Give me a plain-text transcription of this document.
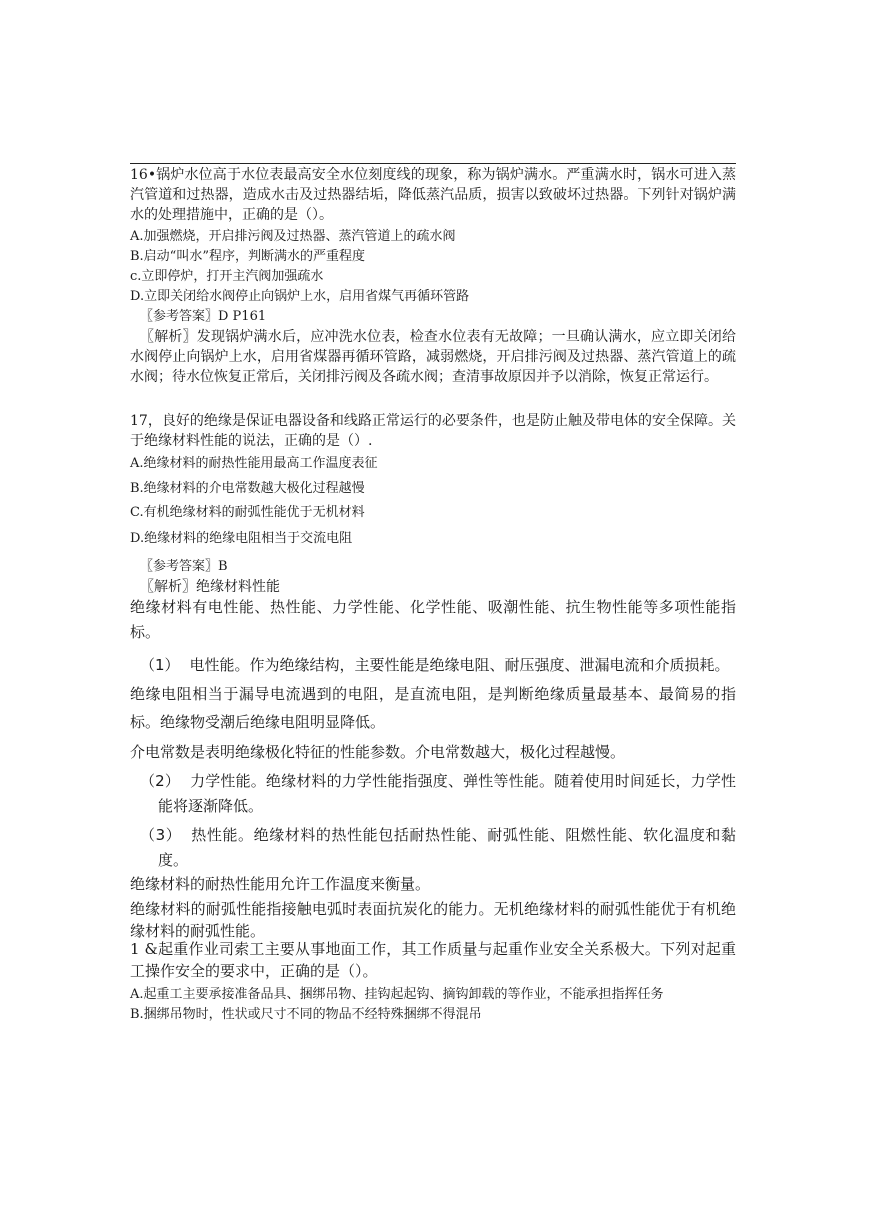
16•锅炉水位高于水位表最高安全水位刻度线的现象，称为锅炉满水。严重满水时，锅水可进入蒸汽管道和过热器，造成水击及过热器结垢，降低蒸汽品质，损害以致破坏过热器。下列针对锅炉满水的处理措施中，正确的是（）。

A.加强燃烧，开启排污阀及过热器、蒸汽管道上的疏水阀

B.启动“叫水”程序，判断满水的严重程度

c.立即停炉，打开主汽阀加强疏水

D.立即关闭给水阀停止向锅炉上水，启用省煤气再循环管路

〖参考答案〗D P161

〖解析〗发现锅炉满水后，应冲洗水位表，检查水位表有无故障；一旦确认满水，应立即关闭给水阀停止向锅炉上水，启用省煤器再循环管路，减弱燃烧，开启排污阀及过热器、蒸汽管道上的疏水阀；待水位恢复正常后，关闭排污阀及各疏水阀；查清事故原因并予以消除，恢复正常运行。

17，良好的绝缘是保证电器设备和线路正常运行的必要条件，也是防止触及带电体的安全保障。关于绝缘材料性能的说法，正确的是（）.

A.绝缘材料的耐热性能用最高工作温度表征

B.绝缘材料的介电常数越大极化过程越慢

C.有机绝缘材料的耐弧性能优于无机材料

D.绝缘材料的绝缘电阻相当于交流电阻

〖参考答案〗B

〖解析〗绝缘材料性能

绝缘材料有电性能、热性能、力学性能、化学性能、吸潮性能、抗生物性能等多项性能指标。

（1） 电性能。作为绝缘结构，主要性能是绝缘电阻、耐压强度、泄漏电流和介质损耗。

绝缘电阻相当于漏导电流遇到的电阻，是直流电阻，是判断绝缘质量最基本、最简易的指标。绝缘物受潮后绝缘电阻明显降低。

介电常数是表明绝缘极化特征的性能参数。介电常数越大，极化过程越慢。

（2） 力学性能。绝缘材料的力学性能指强度、弹性等性能。随着使用时间延长，力学性能将逐渐降低。

（3） 热性能。绝缘材料的热性能包括耐热性能、耐弧性能、阻燃性能、软化温度和黏度。

绝缘材料的耐热性能用允许工作温度来衡量。

绝缘材料的耐弧性能指接触电弧时表面抗炭化的能力。无机绝缘材料的耐弧性能优于有机绝缘材料的耐弧性能。

1 &起重作业司索工主要从事地面工作，其工作质量与起重作业安全关系极大。下列对起重工操作安全的要求中，正确的是（）。

A.起重工主要承接准备品具、捆绑吊物、挂钩起起钩、摘钩卸载的等作业，不能承担指挥任务

B.捆绑吊物时，性状或尺寸不同的物品不经特殊捆绑不得混吊
